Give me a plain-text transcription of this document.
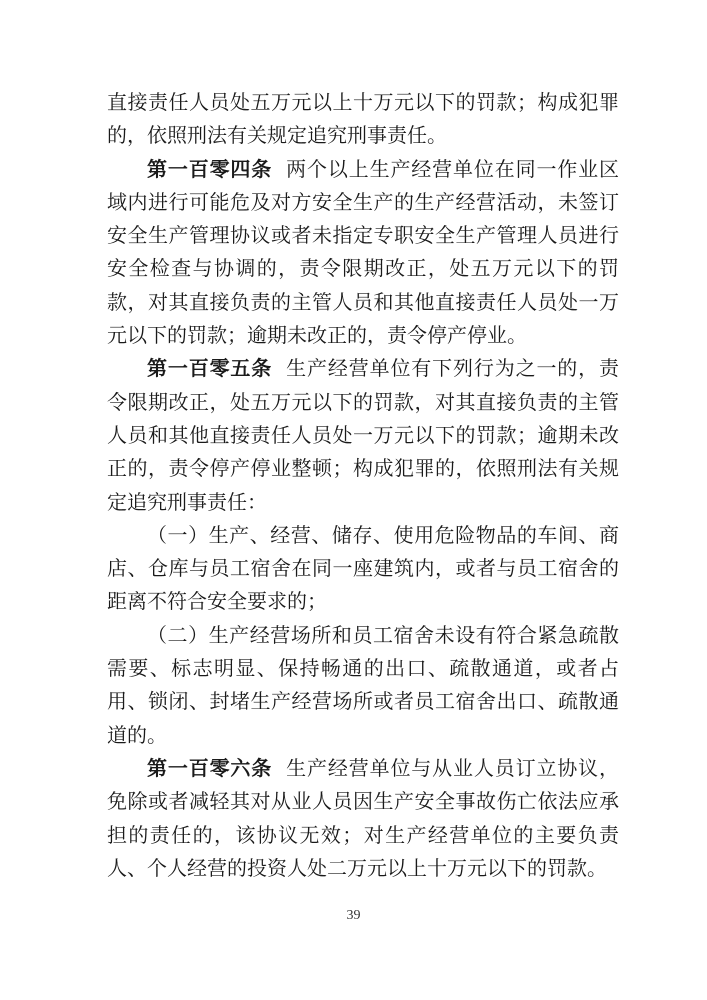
直接责任人员处五万元以上十万元以下的罚款；构成犯罪的，依照刑法有关规定追究刑事责任。

第一百零四条 两个以上生产经营单位在同一作业区域内进行可能危及对方安全生产的生产经营活动，未签订安全生产管理协议或者未指定专职安全生产管理人员进行安全检查与协调的，责令限期改正，处五万元以下的罚款，对其直接负责的主管人员和其他直接责任人员处一万元以下的罚款；逾期未改正的，责令停产停业。

第一百零五条 生产经营单位有下列行为之一的，责令限期改正，处五万元以下的罚款，对其直接负责的主管人员和其他直接责任人员处一万元以下的罚款；逾期未改正的，责令停产停业整顿；构成犯罪的，依照刑法有关规定追究刑事责任：

（一）生产、经营、储存、使用危险物品的车间、商店、仓库与员工宿舍在同一座建筑内，或者与员工宿舍的距离不符合安全要求的；

（二）生产经营场所和员工宿舍未设有符合紧急疏散需要、标志明显、保持畅通的出口、疏散通道，或者占用、锁闭、封堵生产经营场所或者员工宿舍出口、疏散通道的。

第一百零六条 生产经营单位与从业人员订立协议，免除或者减轻其对从业人员因生产安全事故伤亡依法应承担的责任的，该协议无效；对生产经营单位的主要负责人、个人经营的投资人处二万元以上十万元以下的罚款。

39
